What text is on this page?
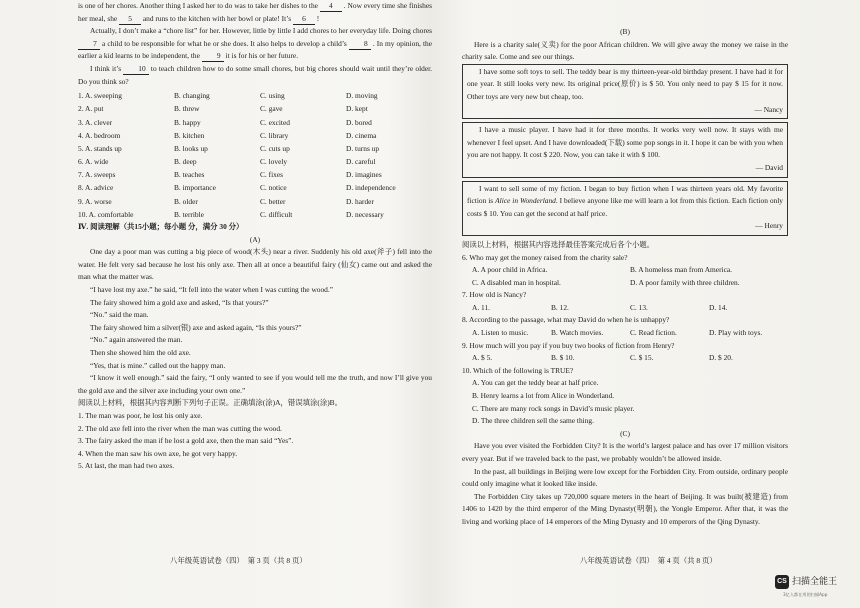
is one of her chores. Another thing I asked her to do was to take her dishes to the 4 . Now every time she finishes her meal, she 5 and runs to the kitchen with her bowl or plate! It’s 6 !

Actually, I don’t make a “chore list” for her. However, little by little I add chores to her everyday life. Doing chores 7 a child to be responsible for what he or she does. It also helps to develop a child’s 8 . In my opinion, the earlier a kid learns to be independent, the 9 it is for his or her future.

I think it’s 10 to teach children how to do some small chores, but big chores should wait until they’re older. Do you think so?

1. A. sweeping	B. changing	C. using	D. moving
2. A. put	B. threw	C. gave	D. kept
3. A. clever	B. happy	C. excited	D. bored
4. A. bedroom	B. kitchen	C. library	D. cinema
5. A. stands up	B. looks up	C. cuts up	D. turns up
6. A. wide	B. deep	C. lovely	D. careful
7. A. sweeps	B. teaches	C. fixes	D. imagines
8. A. advice	B. importance	C. notice	D. independence
9. A. worse	B. older	C. better	D. harder
10. A. comfortable	B. terrible	C. difficult	D. necessary

Ⅳ. 阅读理解（共15小题；每小题 分，满分 30 分）

(A)

One day a poor man was cutting a big piece of wood(木头) near a river. Suddenly his old axe(斧子) fell into the water. He felt very sad because he lost his only axe. Then all at once a beautiful fairy (仙女) came out and asked the man what the matter was.

“I have lost my axe.” he said, “It fell into the water when I was cutting the wood.”

The fairy showed him a gold axe and asked, “Is that yours?”

“No.” said the man.

The fairy showed him a silver(银) axe and asked again, “Is this yours?”

“No.” again answered the man.

Then she showed him the old axe.

“Yes, that is mine.” called out the happy man.

“I know it well enough.” said the fairy, “I only wanted to see if you would tell me the truth, and now I’ll give you the gold axe and the silver axe including your own one.”

阅读以上材料，根据其内容判断下列句子正误。正确填涂(涂)A，错误填涂(涂)B。

1. The man was poor, he lost his only axe.

2. The old axe fell into the river when the man was cutting the wood.

3. The fairy asked the man if he lost a gold axe, then the man said “Yes”.

4. When the man saw his own axe, he got very happy.

5. At last, the man had two axes.

(B)

Here is a charity sale(义卖) for the poor African children. We will give away the money we raise in the charity sale. Come and see our things.

I have some soft toys to sell. The teddy bear is my thirteen-year-old birthday present. I have had it for one year. It still looks very new. Its original price(原价) is $ 50. You only need to pay $ 15 for it now. Other toys are very new but cheap, too.

— Nancy

I have a music player. I have had it for three months. It works very well now. It stays with me whenever I feel upset. And I have downloaded(下载) some pop songs in it. I hope it can be with you when you are not happy. It cost $ 220. Now, you can take it with $ 100.

— David

I want to sell some of my fiction. I began to buy fiction when I was thirteen years old. My favorite fiction is Alice in Wonderland. I believe anyone like me will learn a lot from this fiction. Each fiction only costs $ 10. You can get the second at half price.

— Henry

阅读以上材料，根据其内容选择最佳答案完成后各个小题。

6. Who may get the money raised from the charity sale?

A. A poor child in Africa.	B. A homeless man from America.
C. A disabled man in hospital.	D. A poor family with three children.

7. How old is Nancy?

A. 11.	B. 12.	C. 13.	D. 14.

8. According to the passage, what may David do when he is unhappy?

A. Listen to music.	B. Watch movies.	C. Read fiction.	D. Play with toys.

9. How much will you pay if you buy two books of fiction from Henry?

A. $ 5.	B. $ 10.	C. $ 15.	D. $ 20.

10. Which of the following is TRUE?

A. You can get the teddy bear at half price.

B. Henry learns a lot from Alice in Wonderland.

C. There are many rock songs in David’s music player.

D. The three children sell the same thing.

(C)

Have you ever visited the Forbidden City? It is the world’s largest palace and has over 17 million visitors every year. But if we traveled back to the past, we probably wouldn’t be allowed inside.

In the past, all buildings in Beijing were low except for the Forbidden City. From outside, ordinary people could only imagine what it looked like inside.

The Forbidden City takes up 720,000 square meters in the heart of Beijing. It was built(被建造) from 1406 to 1420 by the third emperor of the Ming Dynasty(明朝), the Yongle Emperor. After that, it was the living and working place of 14 emperors of the Ming Dynasty and 10 emperors of the Qing Dynasty.

八年级英语试卷（四）　第 3 页（共 8 页）	八年级英语试卷（四）　第 4 页（共 8 页）
CS 扫描全能王
3亿人都在用的扫描App
